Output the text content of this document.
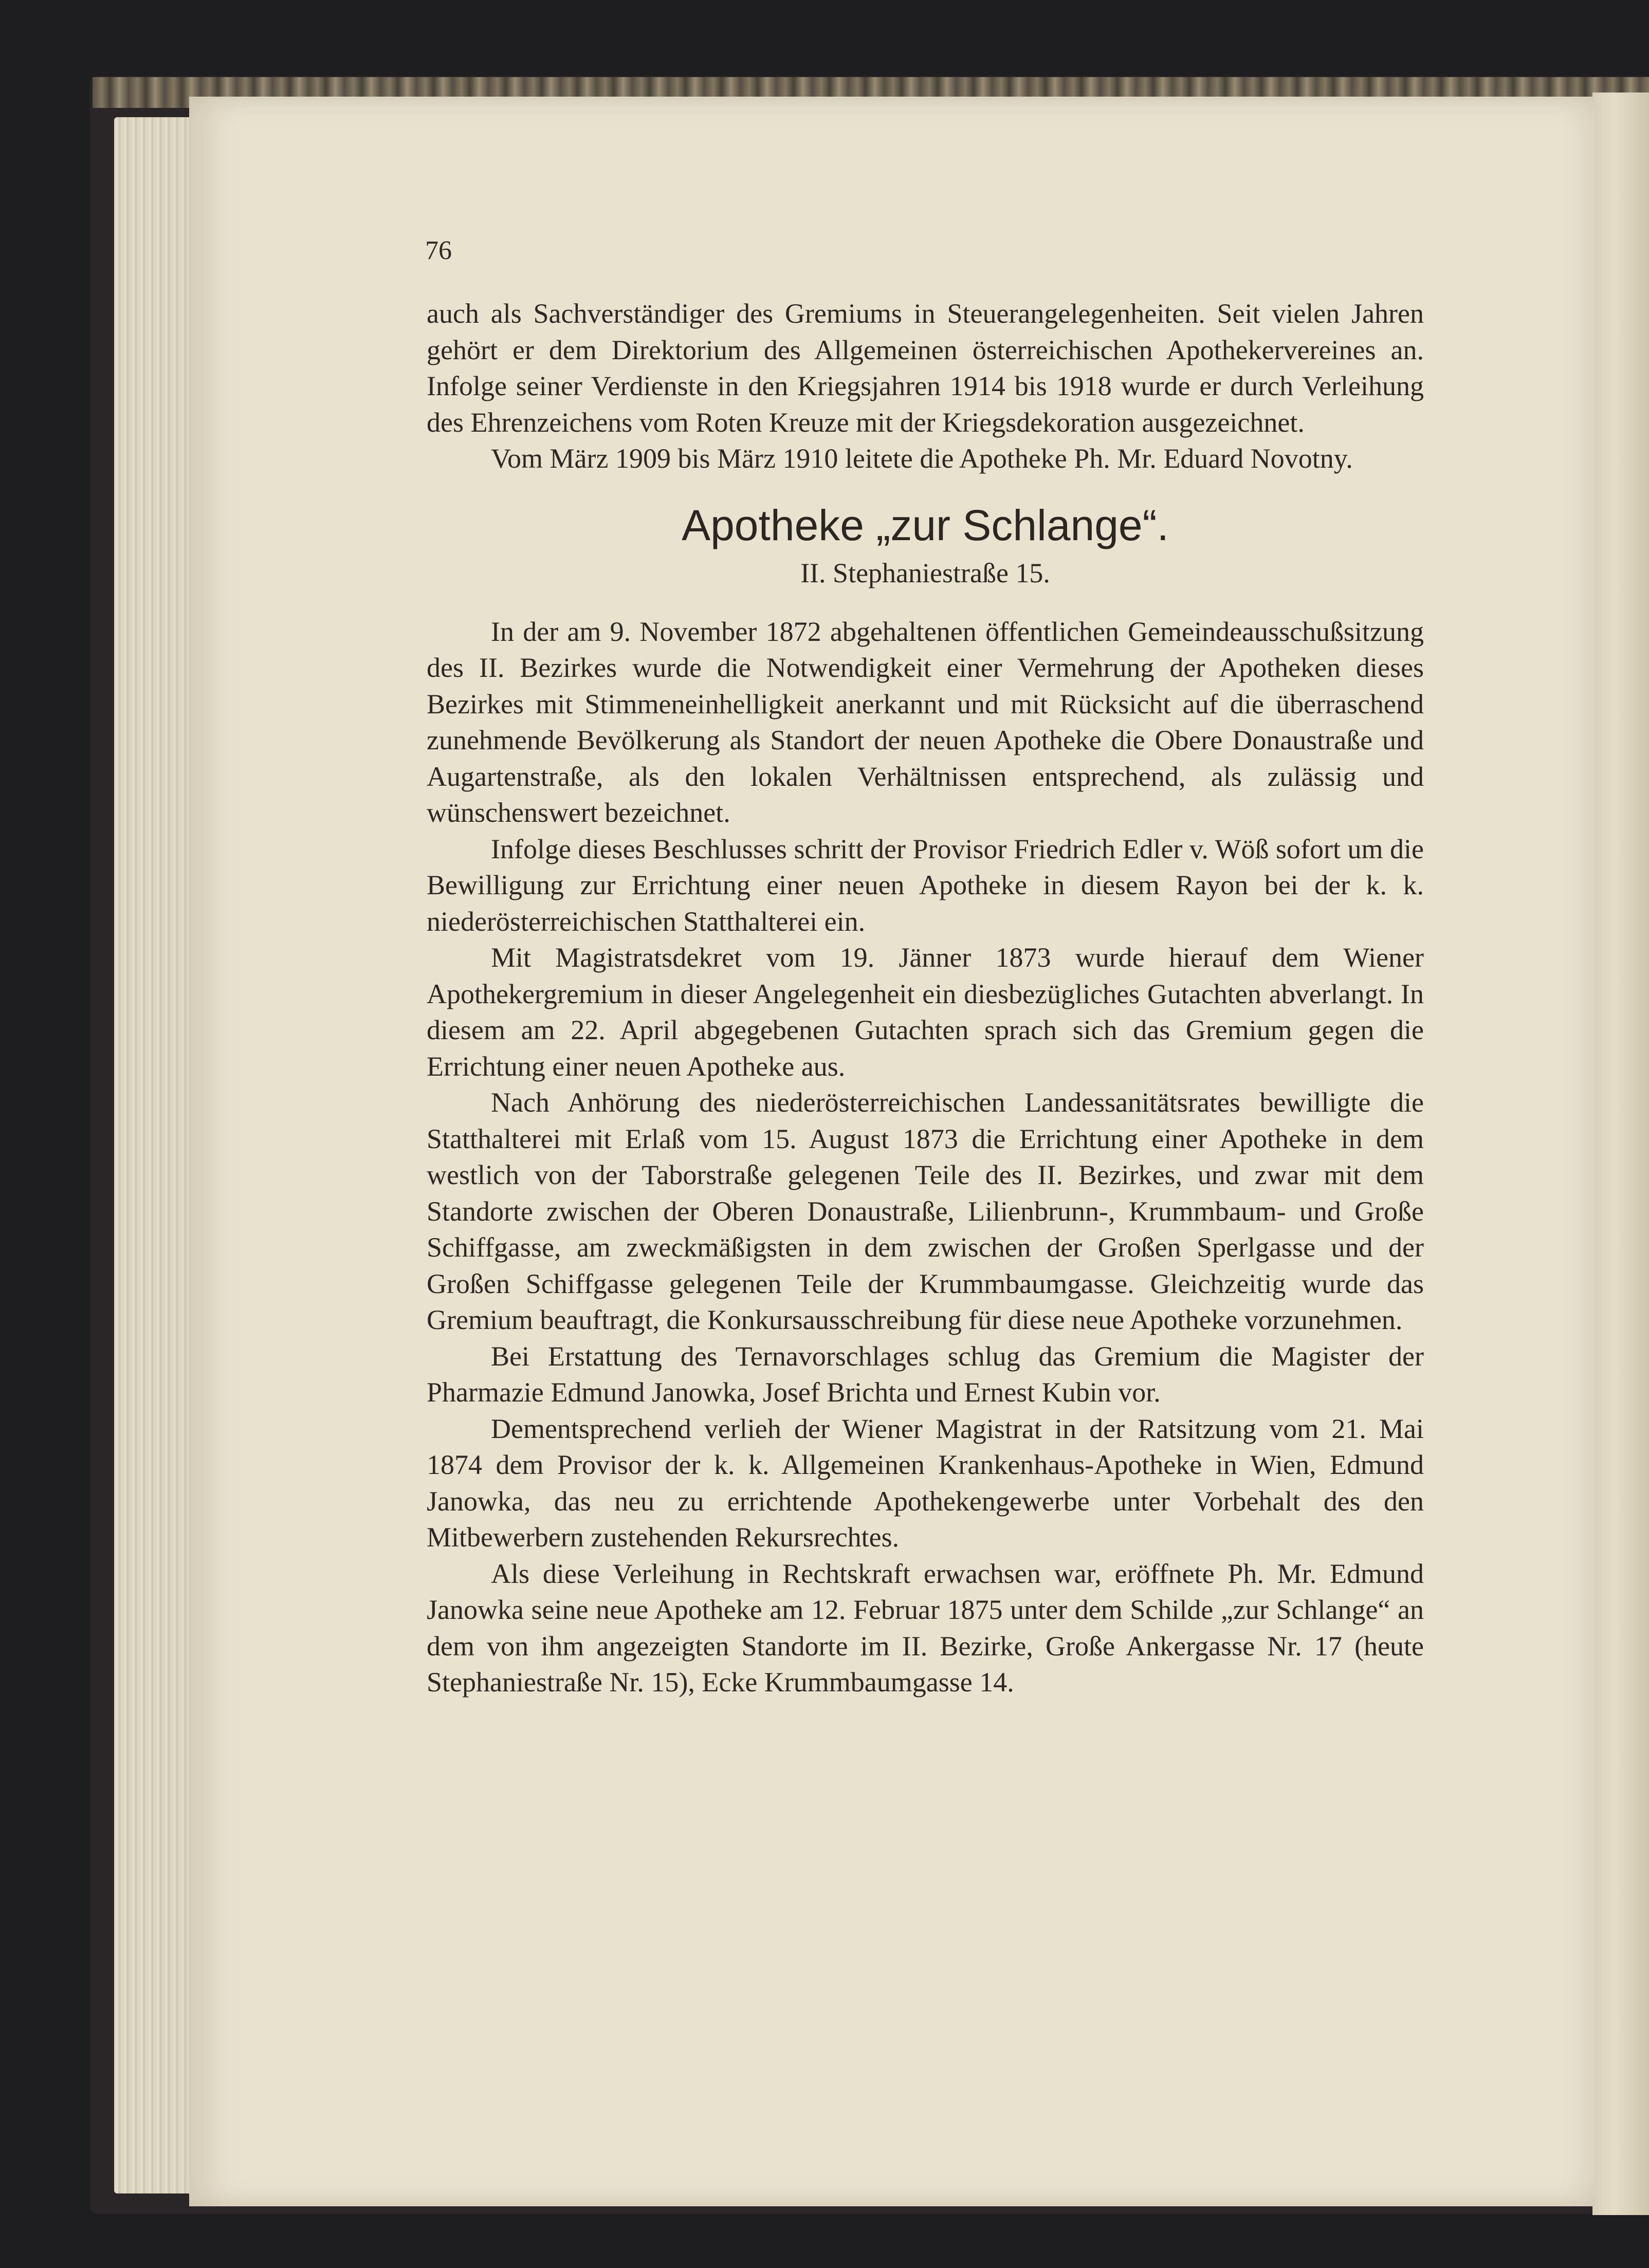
76

auch als Sachverständiger des Gremiums in Steuerangelegenheiten. Seit vielen Jahren gehört er dem Direktorium des Allgemeinen österreichischen Apothekervereines an. Infolge seiner Verdienste in den Kriegsjahren 1914 bis 1918 wurde er durch Verleihung des Ehrenzeichens vom Roten Kreuze mit der Kriegsdekoration ausgezeichnet.

Vom März 1909 bis März 1910 leitete die Apotheke Ph. Mr. Eduard Novotny.

Apotheke „zur Schlange“.
II. Stephaniestraße 15.

In der am 9. November 1872 abgehaltenen öffentlichen Gemeindeausschußsitzung des II. Bezirkes wurde die Notwendigkeit einer Vermehrung der Apotheken dieses Bezirkes mit Stimmeneinhelligkeit anerkannt und mit Rücksicht auf die überraschend zunehmende Bevölkerung als Standort der neuen Apotheke die Obere Donaustraße und Augartenstraße, als den lokalen Verhältnissen entsprechend, als zulässig und wünschenswert bezeichnet.

Infolge dieses Beschlusses schritt der Provisor Friedrich Edler v. Wöß sofort um die Bewilligung zur Errichtung einer neuen Apotheke in diesem Rayon bei der k. k. niederösterreichischen Statthalterei ein.

Mit Magistratsdekret vom 19. Jänner 1873 wurde hierauf dem Wiener Apothekergremium in dieser Angelegenheit ein diesbezügliches Gutachten abverlangt. In diesem am 22. April abgegebenen Gutachten sprach sich das Gremium gegen die Errichtung einer neuen Apotheke aus.

Nach Anhörung des niederösterreichischen Landessanitätsrates bewilligte die Statthalterei mit Erlaß vom 15. August 1873 die Errichtung einer Apotheke in dem westlich von der Taborstraße gelegenen Teile des II. Bezirkes, und zwar mit dem Standorte zwischen der Oberen Donaustraße, Lilienbrunn-, Krummbaum- und Große Schiffgasse, am zweckmäßigsten in dem zwischen der Großen Sperlgasse und der Großen Schiffgasse gelegenen Teile der Krummbaumgasse. Gleichzeitig wurde das Gremium beauftragt, die Konkursausschreibung für diese neue Apotheke vorzunehmen.

Bei Erstattung des Ternavorschlages schlug das Gremium die Magister der Pharmazie Edmund Janowka, Josef Brichta und Ernest Kubin vor.

Dementsprechend verlieh der Wiener Magistrat in der Ratsitzung vom 21. Mai 1874 dem Provisor der k. k. Allgemeinen Krankenhaus-Apotheke in Wien, Edmund Janowka, das neu zu errichtende Apothekengewerbe unter Vorbehalt des den Mitbewerbern zustehenden Rekursrechtes.

Als diese Verleihung in Rechtskraft erwachsen war, eröffnete Ph. Mr. Edmund Janowka seine neue Apotheke am 12. Februar 1875 unter dem Schilde „zur Schlange“ an dem von ihm angezeigten Standorte im II. Bezirke, Große Ankergasse Nr. 17 (heute Stephaniestraße Nr. 15), Ecke Krummbaumgasse 14.
